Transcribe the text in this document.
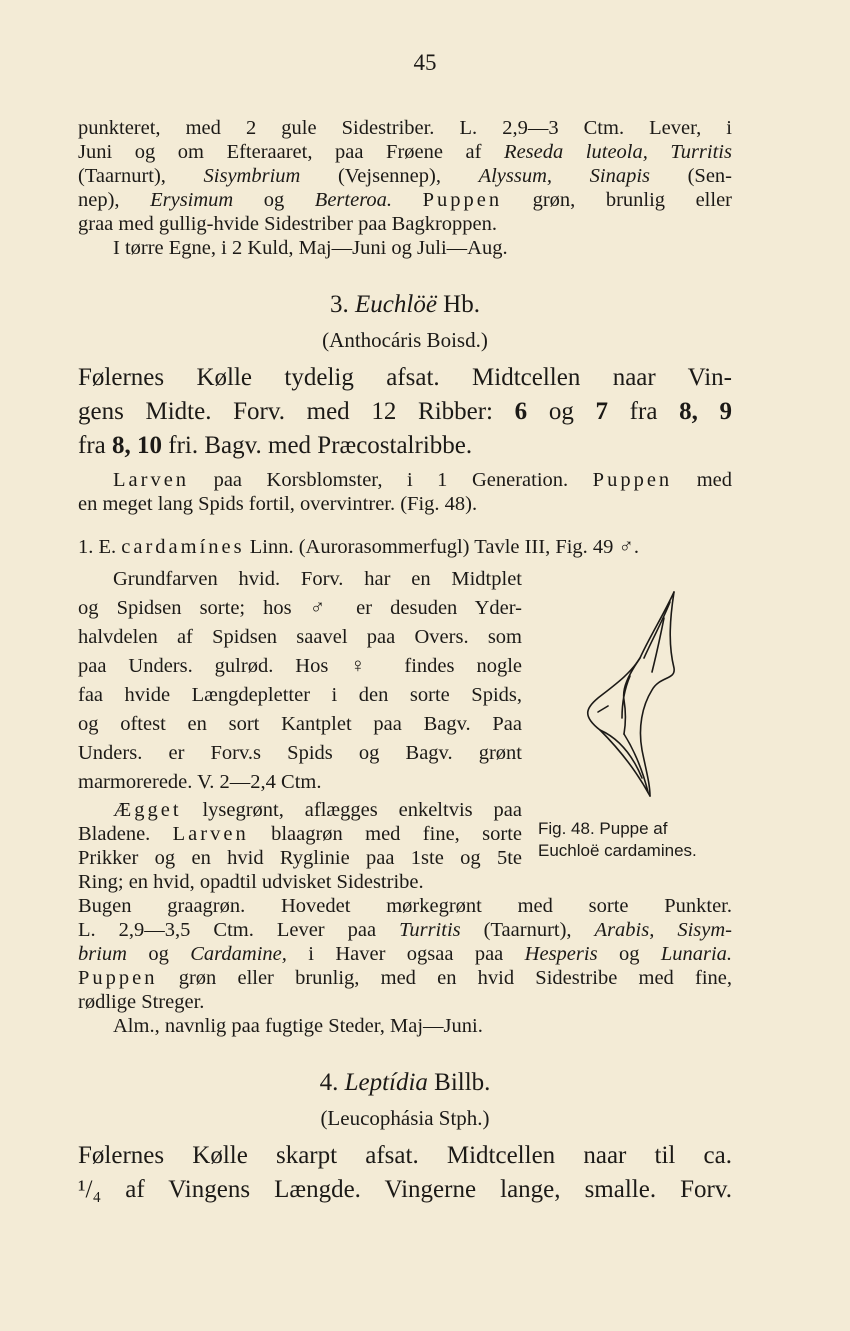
45
punkteret, med 2 gule Sidestriber. L. 2,9—3 Ctm. Lever, i
Juni og om Efteraaret, paa Frøene af Reseda luteola, Turritis
(Taarnurt), Sisymbrium (Vejsennep), Alyssum, Sinapis (Sen-
nep), Erysimum og Berteroa. Puppen grøn, brunlig eller
graa med gullig-hvide Sidestriber paa Bagkroppen.
I tørre Egne, i 2 Kuld, Maj—Juni og Juli—Aug.
3. Euchlöë Hb.
(Anthocáris Boisd.)
Følernes Kølle tydelig afsat. Midtcellen naar Vin-
gens Midte. Forv. med 12 Ribber: 6 og 7 fra 8, 9
fra 8, 10 fri. Bagv. med Præcostalribbe.
Larven paa Korsblomster, i 1 Generation. Puppen med
en meget lang Spids fortil, overvintrer. (Fig. 48).
1. E. cardamínes Linn. (Aurorasommerfugl) Tavle III, Fig. 49 ♂.
Grundfarven hvid. Forv. har en Midtplet
og Spidsen sorte; hos ♂ er desuden Yder-
halvdelen af Spidsen saavel paa Overs. som
paa Unders. gulrød. Hos ♀ findes nogle
faa hvide Længdepletter i den sorte Spids,
og oftest en sort Kantplet paa Bagv. Paa
Unders. er Forv.s Spids og Bagv. grønt
marmorerede. V. 2—2,4 Ctm.
Ægget lysegrønt, aflægges enkeltvis paa
Bladene. Larven blaagrøn med fine, sorte
Prikker og en hvid Ryglinie paa 1ste og 5te
Ring; en hvid, opadtil udvisket Sidestribe.
Bugen graagrøn. Hovedet mørkegrønt med sorte Punkter.
L. 2,9—3,5 Ctm. Lever paa Turritis (Taarnurt), Arabis, Sisym-
brium og Cardamine, i Haver ogsaa paa Hesperis og Lunaria.
Puppen grøn eller brunlig, med en hvid Sidestribe med fine,
rødlige Streger.
Alm., navnlig paa fugtige Steder, Maj—Juni.
Fig. 48. Puppe af
Euchloë cardamines.
4. Leptídia Billb.
(Leucophásia Stph.)
Følernes Kølle skarpt afsat. Midtcellen naar til ca.
¹/₄ af Vingens Længde. Vingerne lange, smalle. Forv.
